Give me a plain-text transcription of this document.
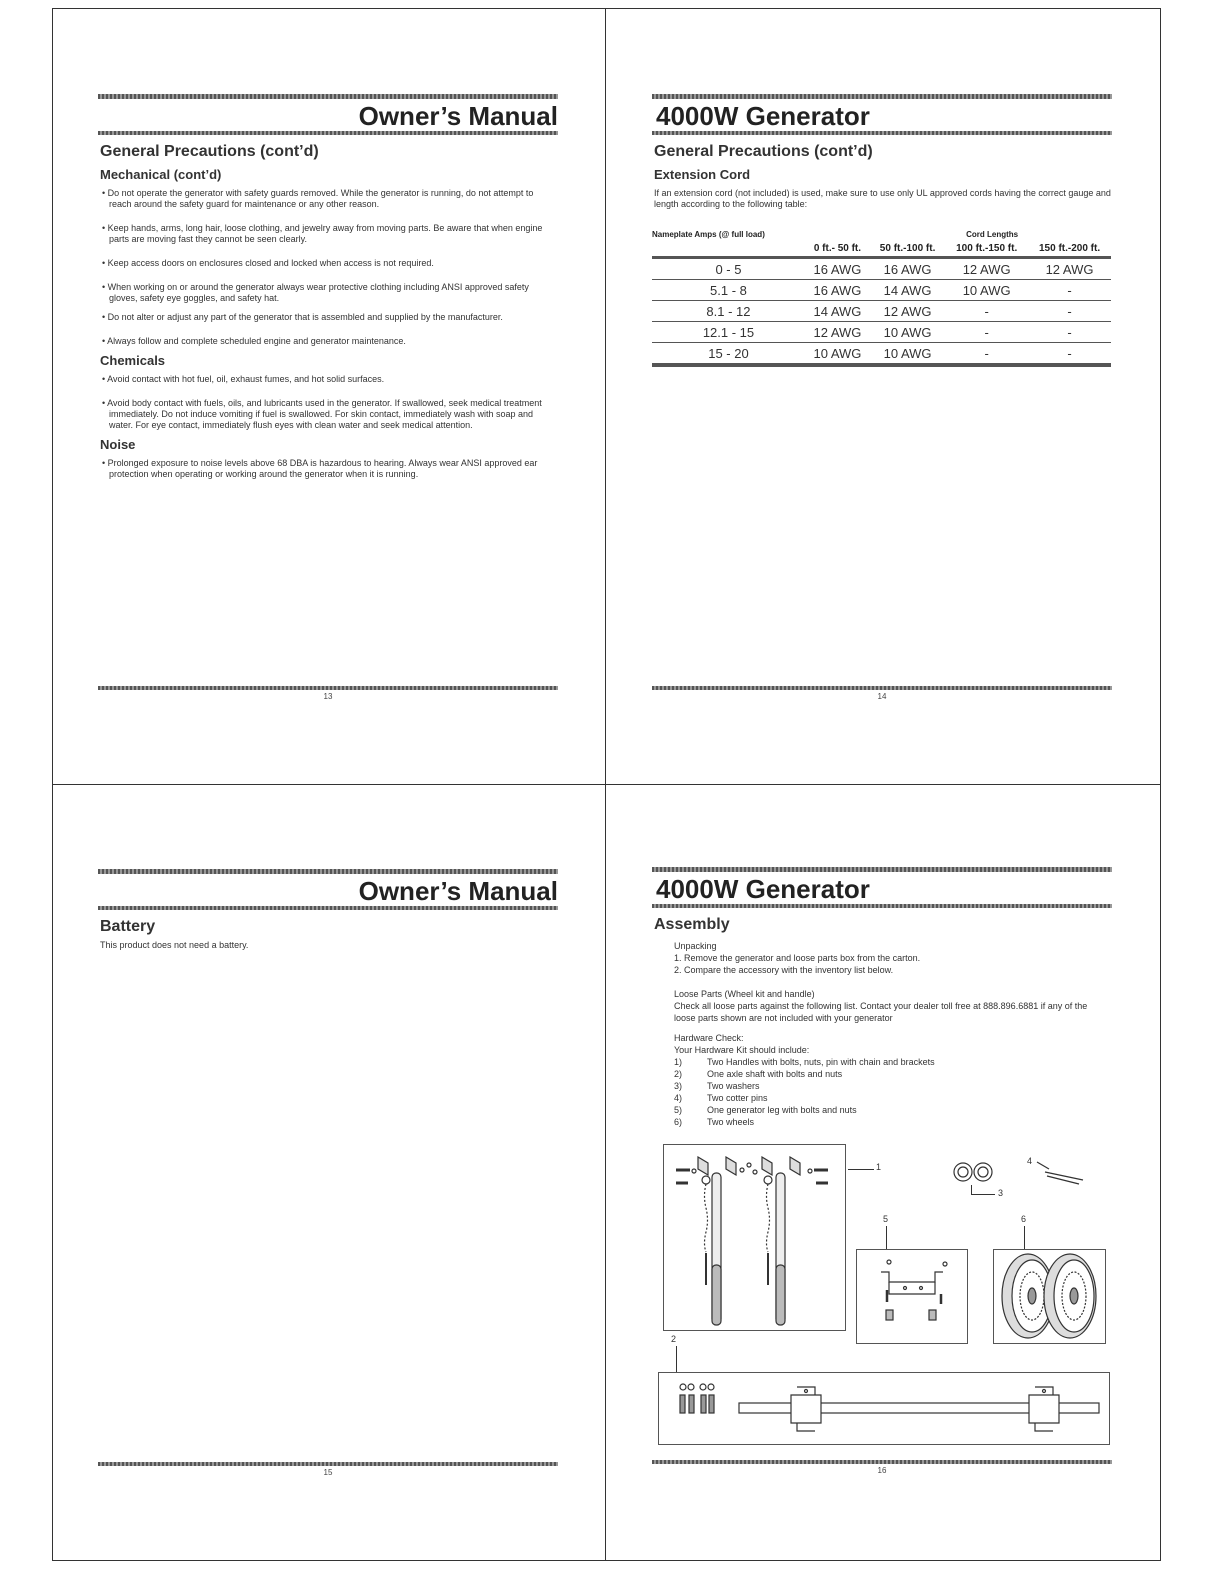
Owner’s Manual
General Precautions (cont’d)
Mechanical (cont’d)
• Do not operate the generator with safety guards removed. While the generator is running, do not attempt to reach around the safety guard for maintenance or any other reason.
• Keep hands, arms, long hair, loose clothing, and jewelry away from moving parts. Be aware that when engine parts are moving fast they cannot be seen clearly.
• Keep access doors on enclosures closed and locked when access is not required.
• When working on or around the generator always wear protective clothing including ANSI approved safety gloves, safety eye goggles, and safety hat.
• Do not alter or adjust any part of the generator that is assembled and supplied by the manufacturer.
• Always follow and complete scheduled engine and generator maintenance.
Chemicals
• Avoid contact with hot fuel, oil, exhaust fumes, and hot solid surfaces.
• Avoid body contact with fuels, oils, and lubricants used in the generator. If swallowed, seek medical treatment immediately. Do not induce vomiting if fuel is swallowed. For skin contact, immediately wash with soap and water. For eye contact, immediately flush eyes with clean water and seek medical attention.
Noise
• Prolonged exposure to noise levels above 68 DBA is hazardous to hearing. Always wear ANSI approved ear protection when operating or working around the generator when it is running.
13
4000W Generator
General Precautions (cont’d)
Extension Cord
If an extension cord (not included) is used, make sure to use only UL approved cords having the correct gauge and length according to the following table:
Nameplate Amps (@ full load)		Cord Lengths		
	0 ft.- 50 ft.	50 ft.-100 ft.	100 ft.-150 ft.	150 ft.-200 ft.
0 - 5	16 AWG	16 AWG	12 AWG	12 AWG
5.1 - 8	16 AWG	14 AWG	10 AWG	-
8.1 - 12	14 AWG	12 AWG	-	-
12.1 - 15	12 AWG	10 AWG	-	-
15 - 20	10 AWG	10 AWG	-	-
14
Owner’s Manual
Battery
This product does not need a battery.
15
4000W Generator
Assembly
Unpacking
1. Remove the generator and loose parts box from the carton.
2. Compare the accessory with the inventory list below.
Loose Parts (Wheel kit and handle)
Check all loose parts against the following list. Contact your dealer toll free at 888.896.6881 if any of the loose parts shown are not included with your generator
Hardware Check:
Your Hardware Kit should include:
1)	Two Handles with bolts, nuts, pin with chain and brackets
2)	One axle shaft with bolts and nuts
3)	Two washers
4)	Two cotter pins
5)	One generator leg with bolts and nuts
6)	Two wheels
1
3
4
5	6
2
16
